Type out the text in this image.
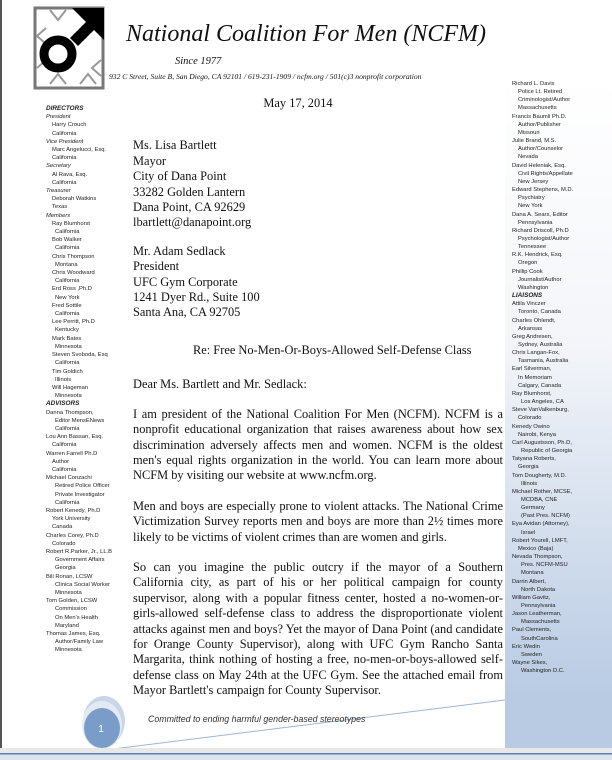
National Coalition For Men (NCFM)
Since 1977
932 C Street, Suite B, San Diego, CA 92101 / 619-231-1909 / ncfm.org / 501(c)3 nonprofit corporation
DIRECTORS
President
Harry Crouch
California
Vice President
Marc Angelucci, Esq.
California
Secretary
Al Rava, Esq.
California
Treasurer
Deborah Watkins
Texas
Members
Ray Blumhorst
California
Bob Walker
California
Chris Thompson
Montana
Chris Woodward
California
Erd Ross ,Ph.D
New York
Fred Sottile
California
Lee Perritt, Ph.D
Kentucky
Mark Bates
Minnesota
Steven Svoboda, Esq
California
Tim Goldich
Illinois
Will Hageman
Minnesota
ADVISORS
Danna Thompson,
Editor MensENews
California
Lou Ann Bassan, Esq.
California
Warren Farrell Ph.D
Author
California
Michael Conzachi
Retired Police Officer
Private Investigator
California
Robert Kenedy, Ph.D
York University
Canada
Charles Corey, Ph.D
Colorado
Robert R.Parker, Jr., LL.B
Government Affairs
Georgia
Bill Ronan, LCSW
Clinica Social Worker
Minnesota
Tom Golden, LCSW
Commission
On Men's Health
Maryland
Thomas James, Esq.
Author/Family Law
Minnesota
Richard L. Davis
Police Lt. Retired
Criminologist/Author
Massachusetts
Francis Baumli Ph.D.
Author/Publisher
Missouri
Julie Brand, M.S.
Author/Counselor
Nevada
David Heleniak, Esq.
Civil Rights/Appellate
New Jersey
Edward Stephens, M.D.
Psychiatry
New York
Dana A. Sears, Editor
Pennsylvania
Richard Driscoll, Ph.D
Psychologist/Author
Tennessee
R.K. Hendrick, Esq.
Oregon
Phillip Cook
Journalist/Author
Washington
LIAISONS
Attila Vinczer
Toronto, Canada
Charles Ohlendt,
Arkansas
Greg Andresen,
Sydney, Australia
Chris Langan-Fox,
Tasmania, Australia
Earl Silverman,
In Memoriam
Calgary, Canada
Ray Blumhorst,
Los Angeles, CA
Steve VanValkenburg,
Colorado
Kenedy Owino
Nairobi, Kenya
Carl Augustsson, Ph.D,
Republic of Georgia
Tatyana Roberts,
Georgia
Tom Dougherty, M.D.
Illinois
Michael Rother, MCSE,
MCDBA, CNE
Germany
(Past Pres. NCFM)
Eya Avidan (Attorney),
Israel
Robert Yourell, LMFT,
Mexico (Baja)
Nevada Thompson,
Pres. NCFM-MSU
Montana
Darrin Albert,
North Dakota
William Gavitz,
Pennsylvania
Jason Leatherman,
Massachusetts
Paul Clements,
SouthCarolina
Eric Wedin
Sweden
Wayne Sikes,
Washington D.C.
May 17, 2014
Ms. Lisa Bartlett
Mayor
City of Dana Point
33282 Golden Lantern
Dana Point, CA 92629
lbartlett@danapoint.org
Mr. Adam Sedlack
President
UFC Gym Corporate
1241 Dyer Rd., Suite 100
Santa Ana, CA 92705
Re: Free No-Men-Or-Boys-Allowed Self-Defense Class
Dear Ms. Bartlett and Mr. Sedlack:

I am president of the National Coalition For Men (NCFM). NCFM is a nonprofit educational organization that raises awareness about how sex discrimination adversely affects men and women. NCFM is the oldest men's equal rights organization in the world. You can learn more about NCFM by visiting our website at www.ncfm.org.

Men and boys are especially prone to violent attacks. The National Crime Victimization Survey reports men and boys are more than 2½ times more likely to be victims of violent crimes than are women and girls.

So can you imagine the public outcry if the mayor of a Southern California city, as part of his or her political campaign for county supervisor, along with a popular fitness center, hosted a no-women-or-girls-allowed self-defense class to address the disproportionate violent attacks against men and boys? Yet the mayor of Dana Point (and candidate for Orange County Supervisor), along with UFC Gym Rancho Santa Margarita, think nothing of hosting a free, no-men-or-boys-allowed self-defense class on May 24th at the UFC Gym. See the attached email from Mayor Bartlett's campaign for County Supervisor.

1
Committed to ending harmful gender-based stereotypes
